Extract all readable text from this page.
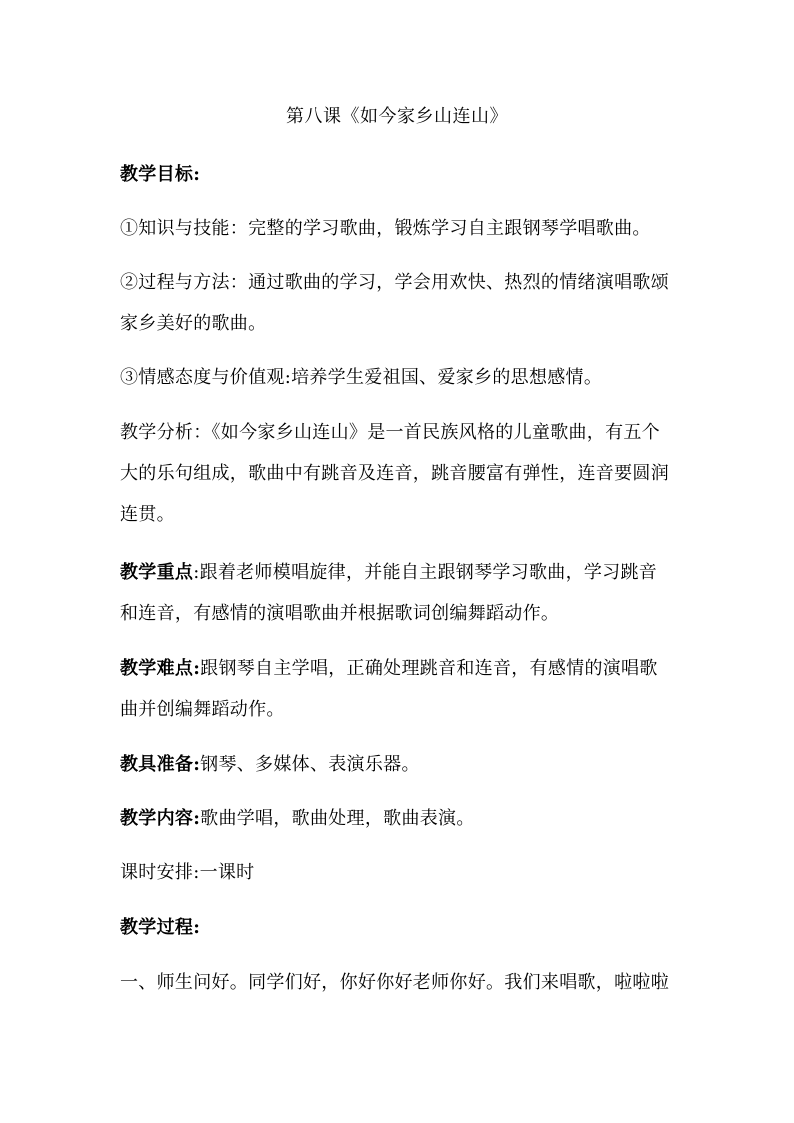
第八课《如今家乡山连山》
教学目标:
①知识与技能：完整的学习歌曲，锻炼学习自主跟钢琴学唱歌曲。
②过程与方法：通过歌曲的学习，学会用欢快、热烈的情绪演唱歌颂
家乡美好的歌曲。
③情感态度与价值观:培养学生爱祖国、爱家乡的思想感情。
教学分析：《如今家乡山连山》是一首民族风格的儿童歌曲，有五个
大的乐句组成，歌曲中有跳音及连音，跳音腰富有弹性，连音要圆润
连贯。
教学重点:跟着老师模唱旋律，并能自主跟钢琴学习歌曲，学习跳音
和连音，有感情的演唱歌曲并根据歌词创编舞蹈动作。
教学难点:跟钢琴自主学唱，正确处理跳音和连音，有感情的演唱歌
曲并创编舞蹈动作。
教具准备:钢琴、多媒体、表演乐器。
教学内容:歌曲学唱，歌曲处理，歌曲表演。
课时安排:一课时
教学过程:
一、师生问好。同学们好，你好你好老师你好。我们来唱歌，啦啦啦
